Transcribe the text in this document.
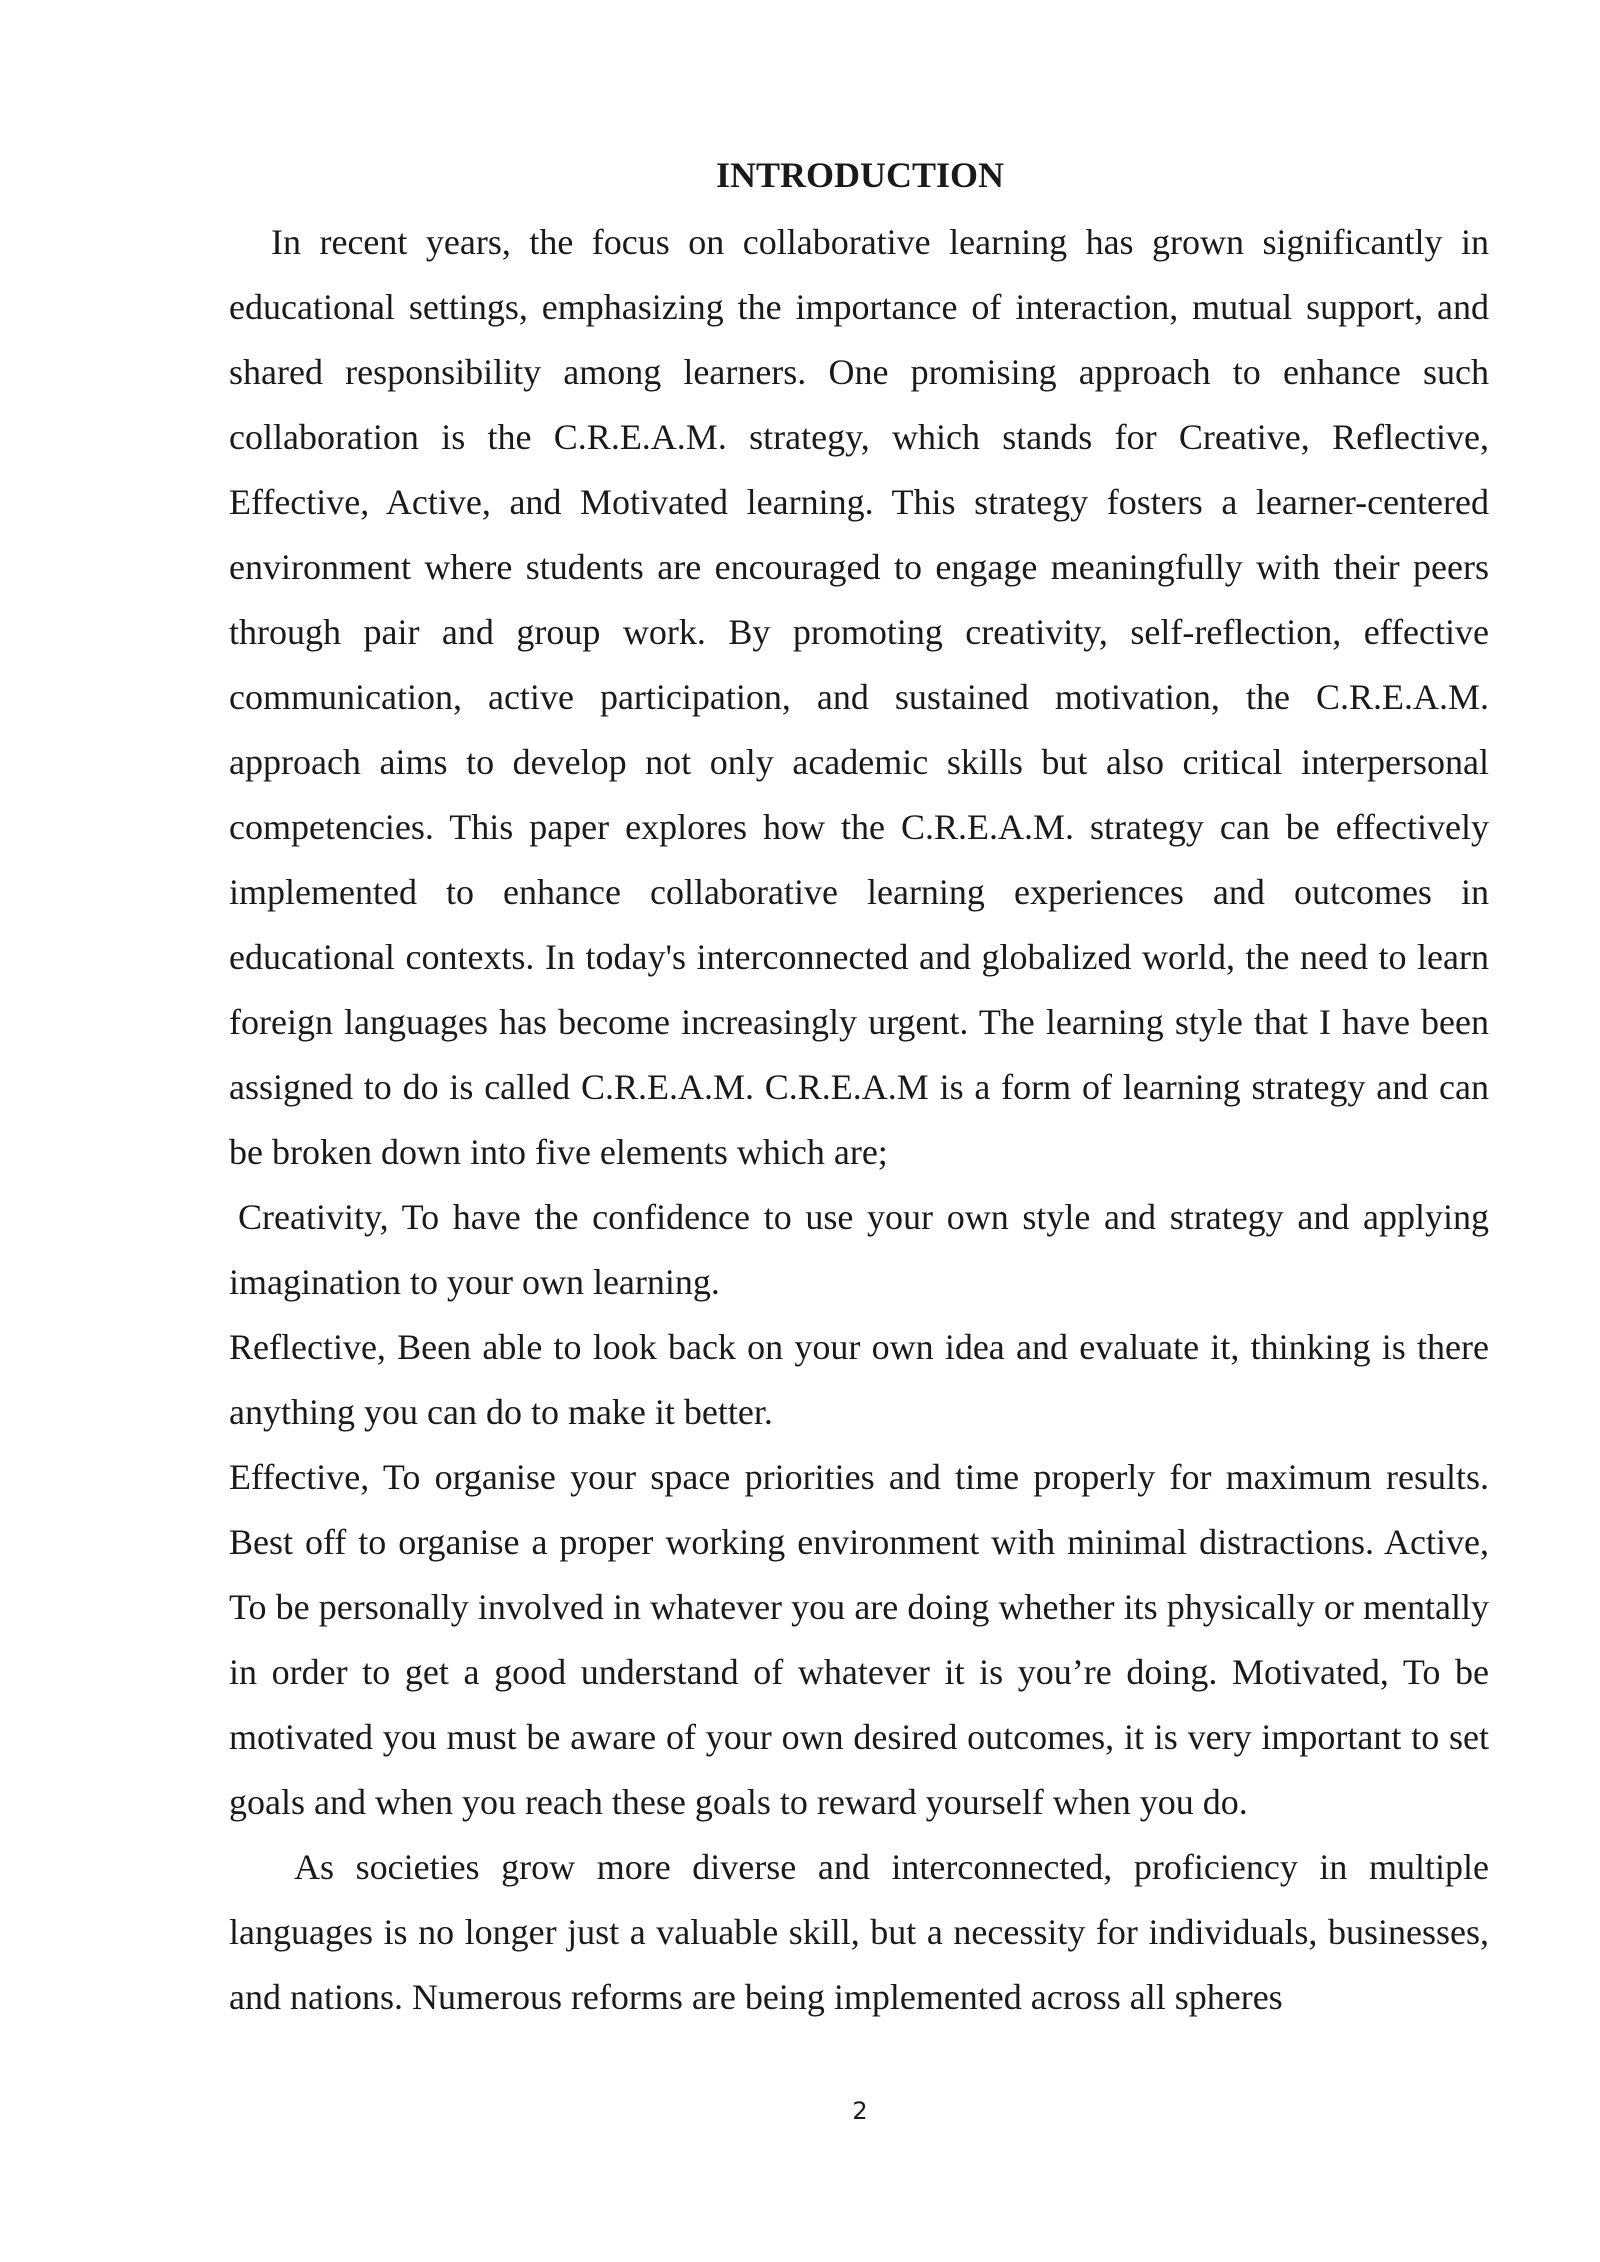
INTRODUCTION

In recent years, the focus on collaborative learning has grown significantly in educational settings, emphasizing the importance of interaction, mutual support, and shared responsibility among learners. One promising approach to enhance such collaboration is the C.R.E.A.M. strategy, which stands for Creative, Reflective, Effective, Active, and Motivated learning. This strategy fosters a learner-centered environment where students are encouraged to engage meaningfully with their peers through pair and group work. By promoting creativity, self-reflection, effective communication, active participation, and sustained motivation, the C.R.E.A.M. approach aims to develop not only academic skills but also critical interpersonal competencies. This paper explores how the C.R.E.A.M. strategy can be effectively implemented to enhance collaborative learning experiences and outcomes in educational contexts. In today's interconnected and globalized world, the need to learn foreign languages has become increasingly urgent. The learning style that I have been assigned to do is called C.R.E.A.M. C.R.E.A.M is a form of learning strategy and can be broken down into five elements which are;

Creativity, To have the confidence to use your own style and strategy and applying imagination to your own learning.

Reflective, Been able to look back on your own idea and evaluate it, thinking is there anything you can do to make it better.

Effective, To organise your space priorities and time properly for maximum results. Best off to organise a proper working environment with minimal distractions. Active, To be personally involved in whatever you are doing whether its physically or mentally in order to get a good understand of whatever it is you’re doing. Motivated, To be motivated you must be aware of your own desired outcomes, it is very important to set goals and when you reach these goals to reward yourself when you do.

As societies grow more diverse and interconnected, proficiency in multiple languages is no longer just a valuable skill, but a necessity for individuals, businesses, and nations. Numerous reforms are being implemented across all spheres

2
